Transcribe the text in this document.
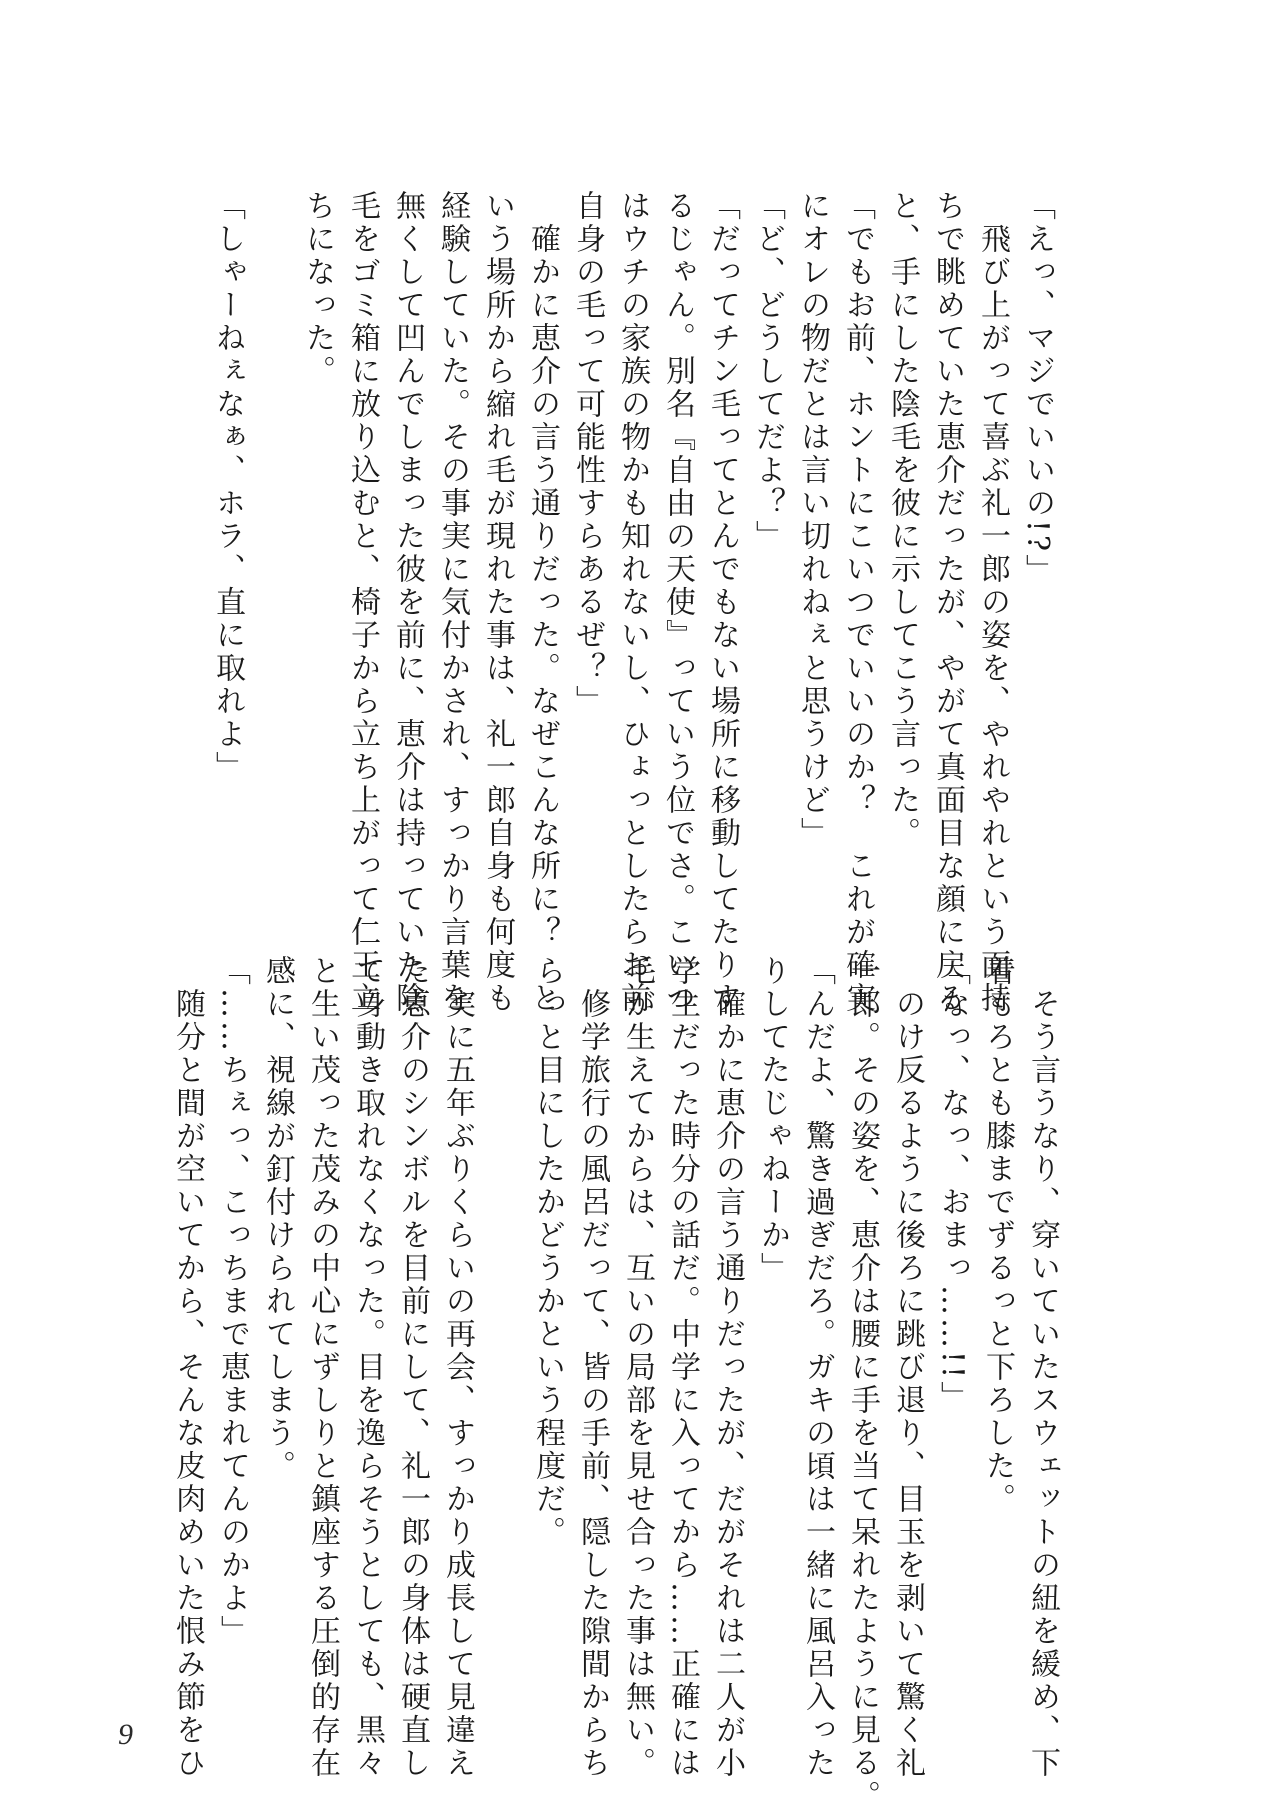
「えっ、マジでいいの!?」
　飛び上がって喜ぶ礼一郎の姿を、やれやれという面持
ちで眺めていた恵介だったが、やがて真面目な顔に戻る
と、手にした陰毛を彼に示してこう言った。
「でもお前、ホントにこいつでいいのか？　これが確実
にオレの物だとは言い切れねぇと思うけど」
「ど、どうしてだよ？」
「だってチン毛ってとんでもない場所に移動してたりす
るじゃん。別名『自由の天使』っていう位でさ。こいつ
はウチの家族の物かも知れないし、ひょっとしたらお前
自身の毛って可能性すらあるぜ？」
　確かに恵介の言う通りだった。なぜこんな所に？　と
いう場所から縮れ毛が現れた事は、礼一郎自身も何度も
経験していた。その事実に気付かされ、すっかり言葉を
無くして凹んでしまった彼を前に、恵介は持っていた陰
毛をゴミ箱に放り込むと、椅子から立ち上がって仁王立
ちになった。
「しゃーねぇなぁ、ホラ、直に取れよ」
　そう言うなり、穿いていたスウェットの紐を緩め、下
着もろとも膝までずるっと下ろした。
「なっ、なっ、おまっ……!!」
　のけ反るように後ろに跳び退り、目玉を剥いて驚く礼
一郎。その姿を、恵介は腰に手を当て呆れたように見る。
「んだよ、驚き過ぎだろ。ガキの頃は一緒に風呂入った
りしてたじゃねーか」
　確かに恵介の言う通りだったが、だがそれは二人が小
学生だった時分の話だ。中学に入ってから……正確には
毛が生えてからは、互いの局部を見せ合った事は無い。
　修学旅行の風呂だって、皆の手前、隠した隙間からち
らっと目にしたかどうかという程度だ。
　実に五年ぶりくらいの再会、すっかり成長して見違え
た恵介のシンボルを目前にして、礼一郎の身体は硬直し
て身動き取れなくなった。目を逸らそうとしても、黒々
と生い茂った茂みの中心にずしりと鎮座する圧倒的存在
感に、視線が釘付けられてしまう。
「……ちぇっ、こっちまで恵まれてんのかよ」
　随分と間が空いてから、そんな皮肉めいた恨み節をひ
9
